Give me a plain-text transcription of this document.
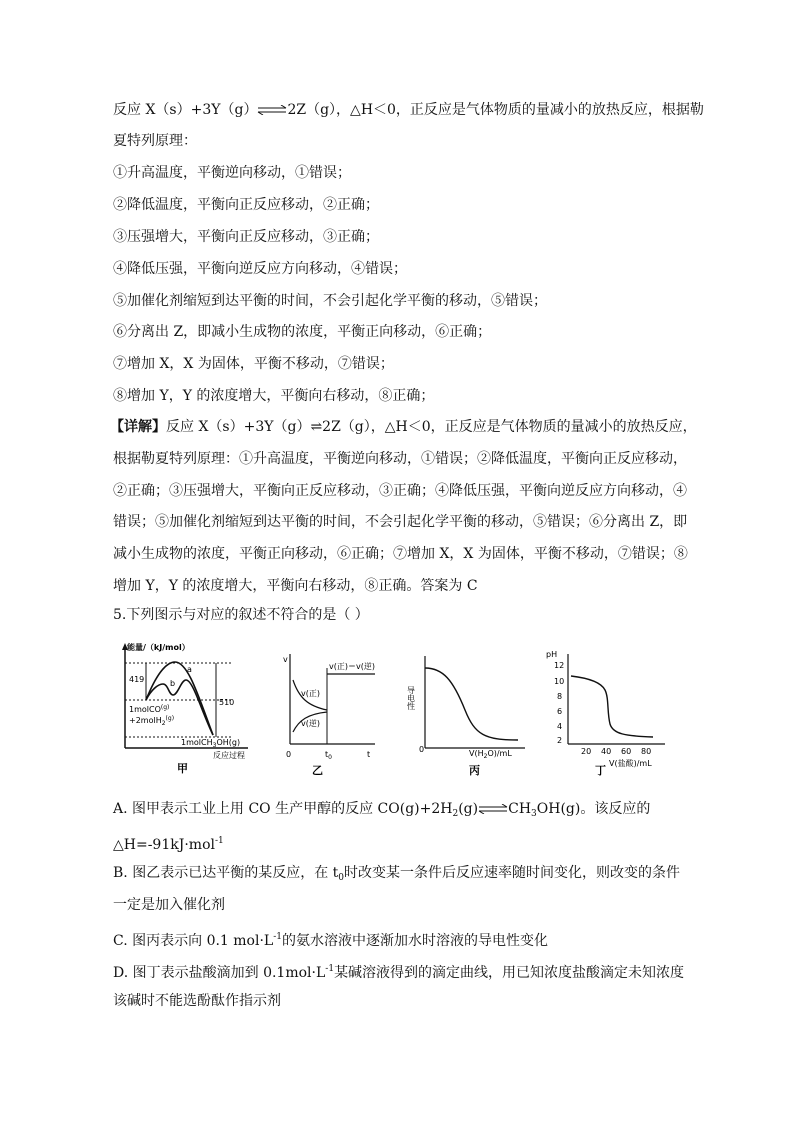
反应 X（s）+3Y（g）⇌2Z（g），△H＜0，正反应是气体物质的量减小的放热反应，根据勒
夏特列原理：
①升高温度，平衡逆向移动，①错误；
②降低温度，平衡向正反应移动，②正确；
③压强增大，平衡向正反应移动，③正确；
④降低压强，平衡向逆反应方向移动，④错误；
⑤加催化剂缩短到达平衡的时间，不会引起化学平衡的移动，⑤错误；
⑥分离出 Z，即减小生成物的浓度，平衡正向移动，⑥正确；
⑦增加 X，X 为固体，平衡不移动，⑦错误；
⑧增加 Y，Y 的浓度增大，平衡向右移动，⑧正确；
【详解】反应 X（s）+3Y（g）⇌2Z（g），△H＜0，正反应是气体物质的量减小的放热反应，
根据勒夏特列原理：①升高温度，平衡逆向移动，①错误；②降低温度，平衡向正反应移动，
②正确；③压强增大，平衡向正反应移动，③正确；④降低压强，平衡向逆反应方向移动，④
错误；⑤加催化剂缩短到达平衡的时间，不会引起化学平衡的移动，⑤错误；⑥分离出 Z，即
减小生成物的浓度，平衡正向移动，⑥正确；⑦增加 X，X 为固体，平衡不移动，⑦错误；⑧
增加 Y，Y 的浓度增大，平衡向右移动，⑧正确。答案为 C
5.下列图示与对应的叙述不符合的是（ ）
能量/（kJ/mol）
419
510
a
b
1molCO$^{(g)}$
+2molH$_2^{(g)}$
1molCH$_3$OH(g)
反应过程
甲
v
0	$t_0$	t
v(正)
v(逆)
v(正)＝v(逆)
乙
导电性
0	$V(H_2O)/mL$
丙
pH
12
10
8
6
4
2
20 40 60 80
V(盐酸)/mL
丁
A. 图甲表示工业上用 CO 生产甲醇的反应 $CO(g)+2H_2(g)\rightleftharpoons CH_3OH(g)$。该反应的
△H=-91kJ·mol$^{-1}$
B. 图乙表示已达平衡的某反应，在 $t_0$时改变某一条件后反应速率随时间变化，则改变的条件
一定是加入催化剂
C. 图丙表示向 0.1 $mol\cdot L^{-1}$的氨水溶液中逐渐加水时溶液的导电性变化
D. 图丁表示盐酸滴加到 $0.1mol\cdot L^{-1}$某碱溶液得到的滴定曲线，用已知浓度盐酸滴定未知浓度
该碱时不能选酚酞作指示剂
